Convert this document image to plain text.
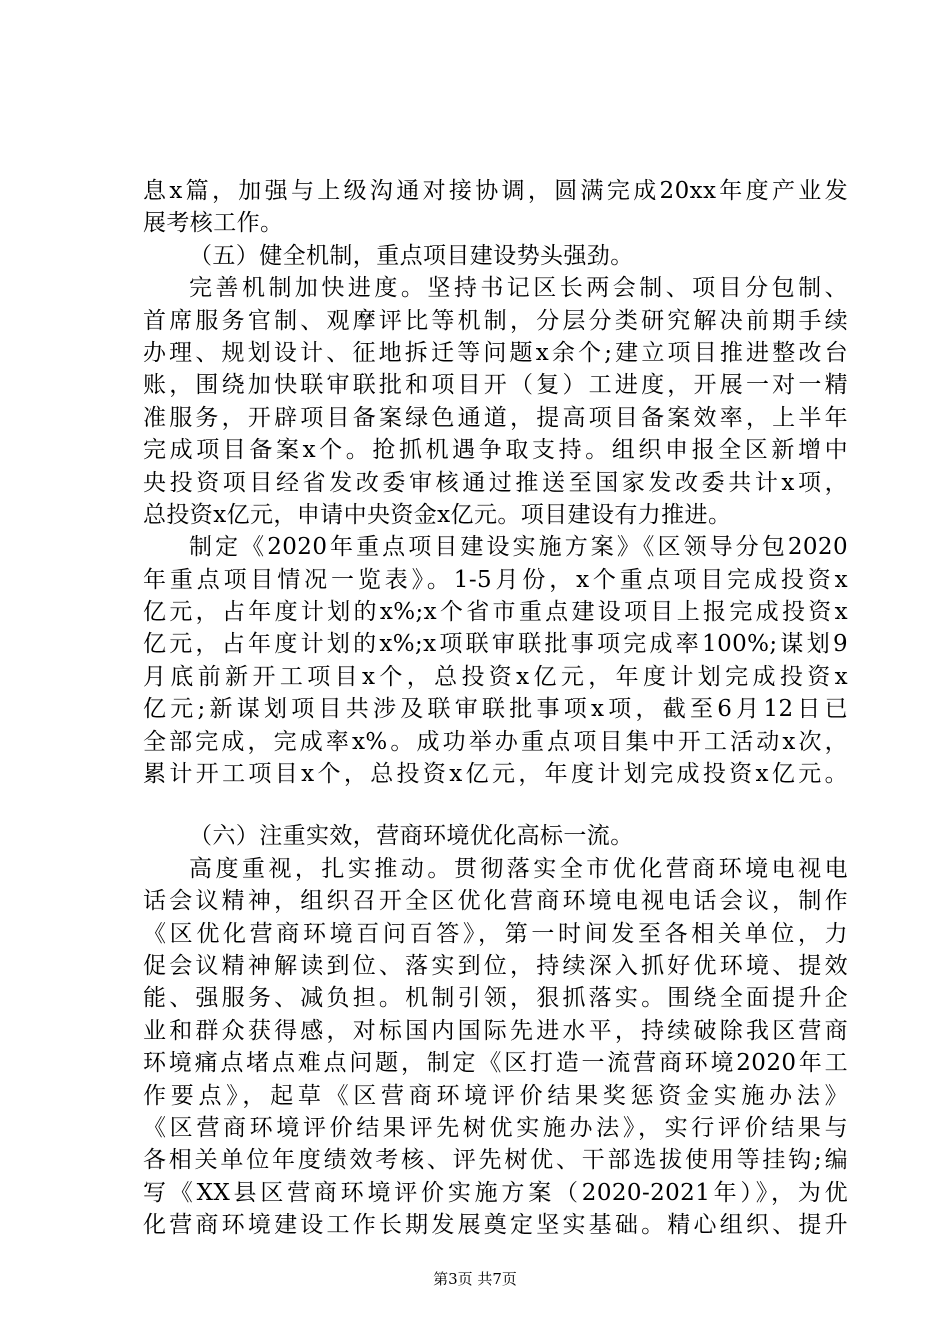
息x篇，加强与上级沟通对接协调，圆满完成20xx年度产业发
展考核工作。
（五）健全机制，重点项目建设势头强劲。
完善机制加快进度。坚持书记区长两会制、项目分包制、
首席服务官制、观摩评比等机制，分层分类研究解决前期手续
办理、规划设计、征地拆迁等问题x余个;建立项目推进整改台
账，围绕加快联审联批和项目开（复）工进度，开展一对一精
准服务，开辟项目备案绿色通道，提高项目备案效率，上半年
完成项目备案x个。抢抓机遇争取支持。组织申报全区新增中
央投资项目经省发改委审核通过推送至国家发改委共计x项，
总投资x亿元，申请中央资金x亿元。项目建设有力推进。
制定《2020年重点项目建设实施方案》《区领导分包2020
年重点项目情况一览表》。1-5月份，x个重点项目完成投资x
亿元，占年度计划的x%;x个省市重点建设项目上报完成投资x
亿元，占年度计划的x%;x项联审联批事项完成率100%;谋划9
月底前新开工项目x个，总投资x亿元，年度计划完成投资x
亿元;新谋划项目共涉及联审联批事项x项，截至6月12日已
全部完成，完成率x%。成功举办重点项目集中开工活动x次，
累计开工项目x个，总投资x亿元，年度计划完成投资x亿元。
（六）注重实效，营商环境优化高标一流。
高度重视，扎实推动。贯彻落实全市优化营商环境电视电
话会议精神，组织召开全区优化营商环境电视电话会议，制作
《区优化营商环境百问百答》，第一时间发至各相关单位，力
促会议精神解读到位、落实到位，持续深入抓好优环境、提效
能、强服务、减负担。机制引领，狠抓落实。围绕全面提升企
业和群众获得感，对标国内国际先进水平，持续破除我区营商
环境痛点堵点难点问题，制定《区打造一流营商环境2020年工
作要点》，起草《区营商环境评价结果奖惩资金实施办法》
《区营商环境评价结果评先树优实施办法》，实行评价结果与
各相关单位年度绩效考核、评先树优、干部选拔使用等挂钩;编
写《XX县区营商环境评价实施方案（2020-2021年）》，为优
化营商环境建设工作长期发展奠定坚实基础。精心组织、提升
第3页 共7页
